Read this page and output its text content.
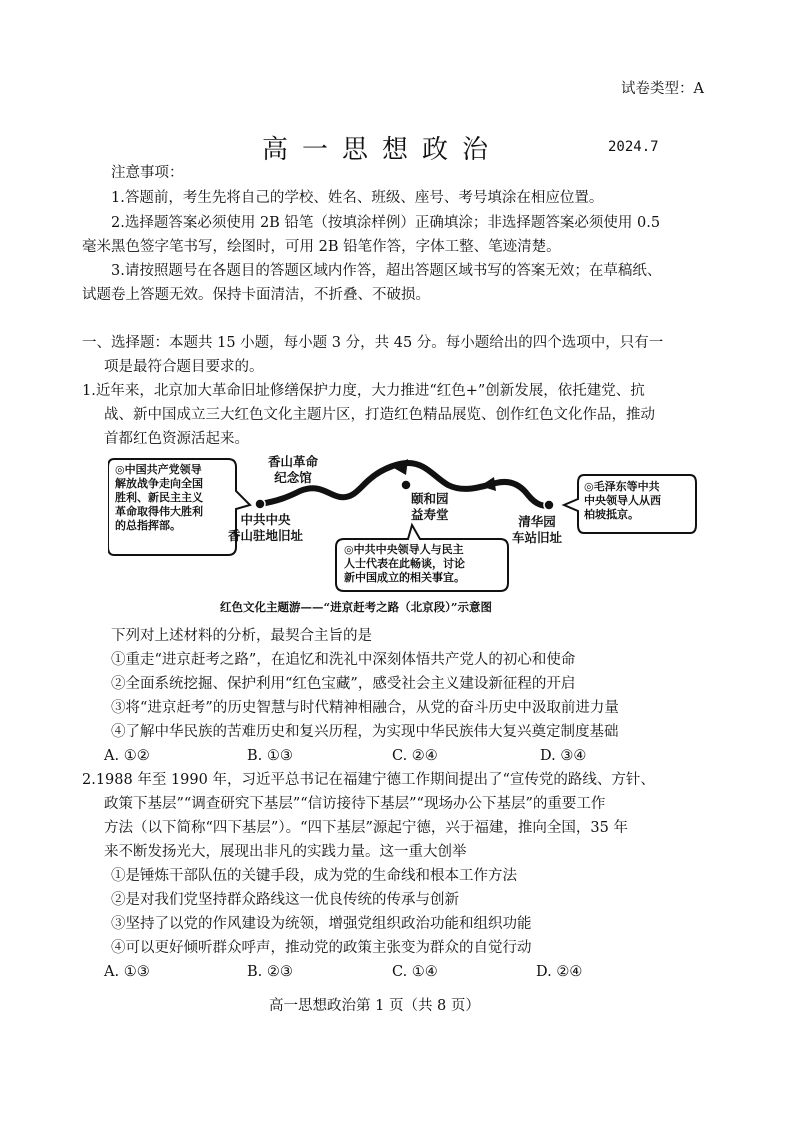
试卷类型：A
高一思想政治	2024.7
注意事项：
1.答题前，考生先将自己的学校、姓名、班级、座号、考号填涂在相应位置。
2.选择题答案必须使用 2B 铅笔（按填涂样例）正确填涂；非选择题答案必须使用 0.5
毫米黑色签字笔书写，绘图时，可用 2B 铅笔作答，字体工整、笔迹清楚。
3.请按照题号在各题目的答题区域内作答，超出答题区域书写的答案无效；在草稿纸、
试题卷上答题无效。保持卡面清洁，不折叠、不破损。
一、选择题：本题共 15 小题，每小题 3 分，共 45 分。每小题给出的四个选项中，只有一
项是最符合题目要求的。
1.近年来，北京加大革命旧址修缮保护力度，大力推进“红色+”创新发展，依托建党、抗
战、新中国成立三大红色文化主题片区，打造红色精品展览、创作红色文化作品，推动
首都红色资源活起来。
◎中国共产党领导
解放战争走向全国
胜利、新民主主义
革命取得伟大胜利
的总指挥部。
◎毛泽东等中共
中央领导人从西
柏坡抵京。
◎中共中央领导人与民主
人士代表在此畅谈，讨论
新中国成立的相关事宜。
香山革命
纪念馆
中共中央
香山驻地旧址
颐和园
益寿堂	清华园
车站旧址
红色文化主题游——“进京赶考之路（北京段）”示意图
下列对上述材料的分析，最契合主旨的是
①重走“进京赶考之路”，在追忆和洗礼中深刻体悟共产党人的初心和使命
②全面系统挖掘、保护利用“红色宝藏”，感受社会主义建设新征程的开启
③将“进京赶考”的历史智慧与时代精神相融合，从党的奋斗历史中汲取前进力量
④了解中华民族的苦难历史和复兴历程，为实现中华民族伟大复兴奠定制度基础
A. ①②	B. ①③	C. ②④	D. ③④
2.1988 年至 1990 年，习近平总书记在福建宁德工作期间提出了“宣传党的路线、方针、
政策下基层”“调查研究下基层”“信访接待下基层”“现场办公下基层”的重要工作
方法（以下简称“四下基层”）。“四下基层”源起宁德，兴于福建，推向全国，35 年
来不断发扬光大，展现出非凡的实践力量。这一重大创举
①是锤炼干部队伍的关键手段，成为党的生命线和根本工作方法
②是对我们党坚持群众路线这一优良传统的传承与创新
③坚持了以党的作风建设为统领，增强党组织政治功能和组织功能
④可以更好倾听群众呼声，推动党的政策主张变为群众的自觉行动
A. ①③	B. ②③	C. ①④	D. ②④
高一思想政治第 1 页（共 8 页）
